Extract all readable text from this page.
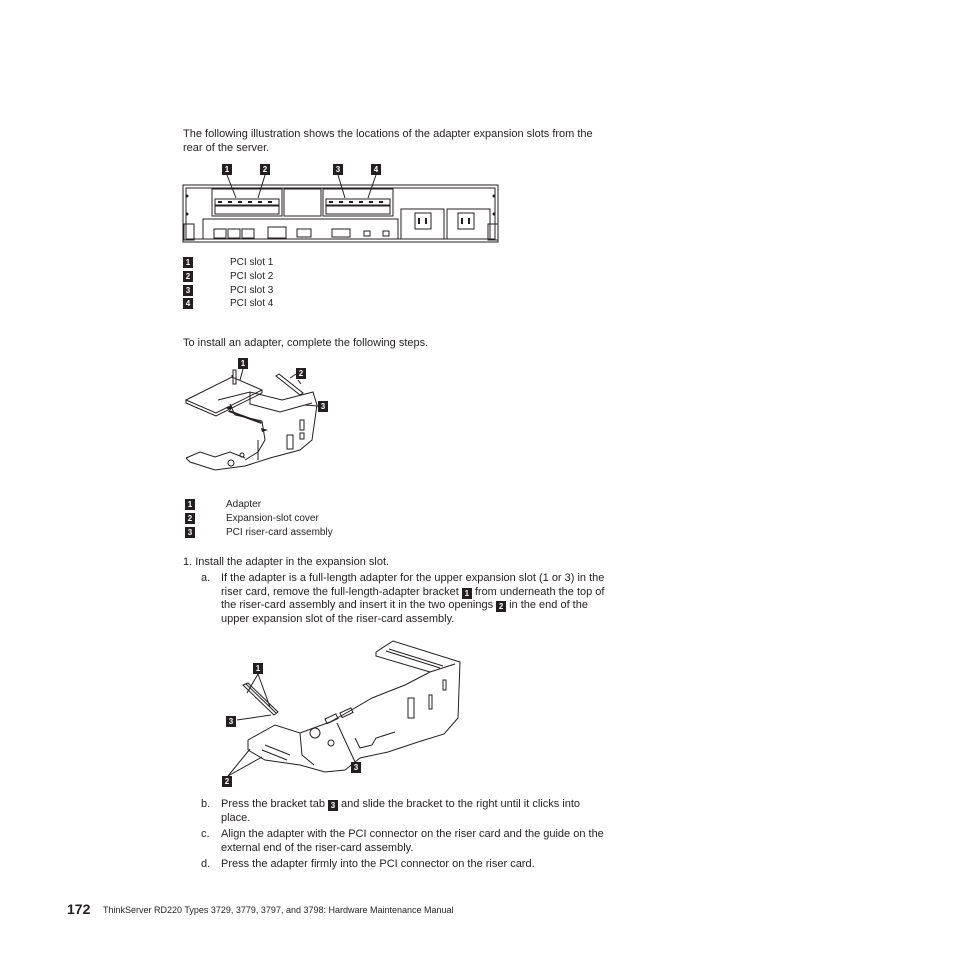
The following illustration shows the locations of the adapter expansion slots from the rear of the server.
1	2	3	4
1	PCI slot 1
2	PCI slot 2
3	PCI slot 3
4	PCI slot 4
To install an adapter, complete the following steps.
1
2
3
1	Adapter
2	Expansion-slot cover
3	PCI riser-card assembly
1. Install the adapter in the expansion slot.
a. If the adapter is a full-length adapter for the upper expansion slot (1 or 3) in the riser card, remove the full-length-adapter bracket 1 from underneath the top of the riser-card assembly and insert it in the two openings 2 in the end of the upper expansion slot of the riser-card assembly.
1
3
2
3
b. Press the bracket tab 3 and slide the bracket to the right until it clicks into place.
c.	Align the adapter with the PCI connector on the riser card and the guide on the external end of the riser-card assembly.
d. Press the adapter firmly into the PCI connector on the riser card.
172 ThinkServer RD220 Types 3729, 3779, 3797, and 3798: Hardware Maintenance Manual
